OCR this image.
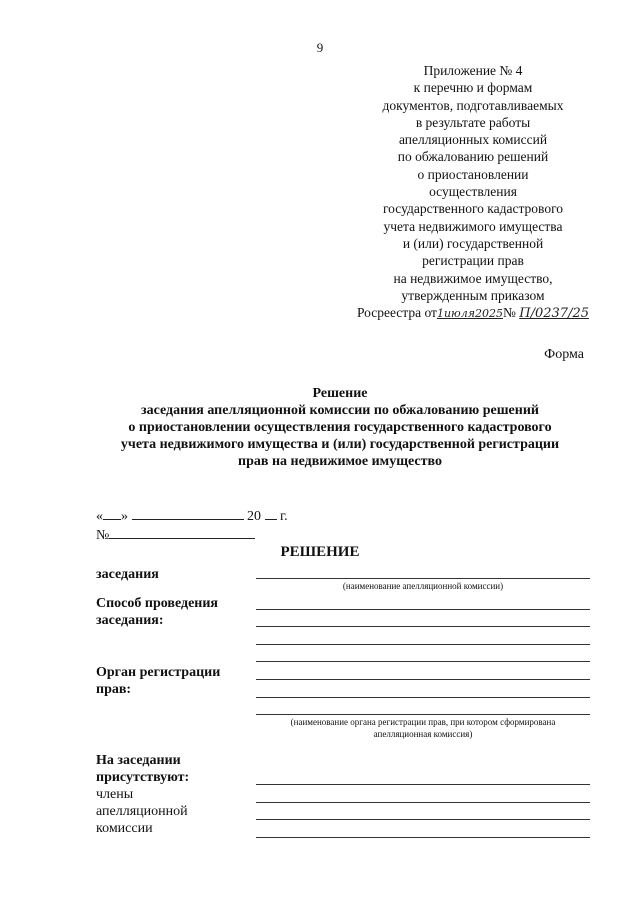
9
Приложение № 4
к перечню и формам
документов, подготавливаемых
в результате работы
апелляционных комиссий
по обжалованию решений
о приостановлении
осуществления
государственного кадастрового
учета недвижимого имущества
и (или) государственной
регистрации прав
на недвижимое имущество,
утвержденным приказом
Росреестра от1июля2025№ П/0237/25
Форма
Решение
заседания апелляционной комиссии по обжалованию решений
о приостановлении осуществления государственного кадастрового
учета недвижимого имущества и (или) государственной регистрации
прав на недвижимое имущество
« »	20 г.
№
РЕШЕНИЕ
заседания
(наименование апелляционной комиссии)
Способ проведения
заседания:
Орган регистрации
прав:
(наименование органа регистрации прав, при котором сформирована
апелляционная комиссия)
На заседании
присутствуют:
члены
апелляционной
комиссии
